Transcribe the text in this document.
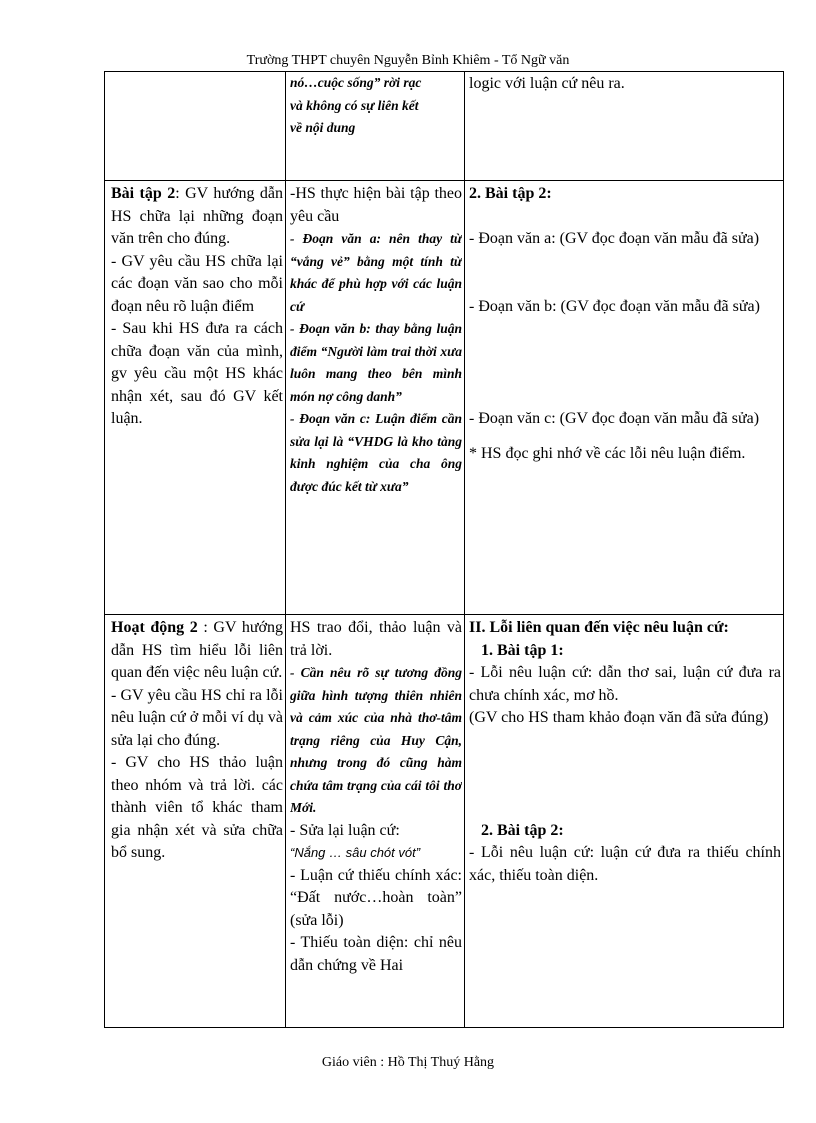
Trường THPT chuyên Nguyễn Bỉnh Khiêm - Tổ Ngữ văn

nó…cuộc sống” rời rạc

và không có sự liên kết

về nội dung

logic với luận cứ nêu ra.

Bài tập 2: GV hướng dẫn HS chữa lại những đoạn văn trên cho đúng.

- GV yêu cầu HS chữa lại các đoạn văn sao cho mỗi đoạn nêu rõ luận điểm

- Sau khi HS đưa ra cách chữa đoạn văn của mình, gv yêu cầu một HS khác nhận xét, sau đó GV kết luận.

-HS thực hiện bài tập theo yêu cầu

- Đoạn văn a: nên thay từ “vắng vẻ” bằng một tính từ khác để phù hợp với các luận cứ

- Đoạn văn b: thay bằng luận điểm “Người làm trai thời xưa luôn mang theo bên mình món nợ công danh”

- Đoạn văn c: Luận điểm cần sửa lại là “VHDG là kho tàng kinh nghiệm của cha ông được đúc kết từ xưa”

2. Bài tập 2:

- Đoạn văn a: (GV đọc đoạn văn mẫu đã sửa)

- Đoạn văn b: (GV đọc đoạn văn mẫu đã sửa)

- Đoạn văn c: (GV đọc đoạn văn mẫu đã sửa)

* HS đọc ghi nhớ về các lỗi nêu luận điểm.

Hoạt động 2 : GV hướng dẫn HS tìm hiểu lỗi liên quan đến việc nêu luận cứ.

- GV yêu cầu HS chỉ ra lỗi nêu luận cứ ở mỗi ví dụ và sửa lại cho đúng.

- GV cho HS thảo luận theo nhóm và trả lời. các thành viên tổ khác tham gia nhận xét và sửa chữa bổ sung.

HS trao đổi, thảo luận và trả lời.

- Cần nêu rõ sự tương đồng giữa hình tượng thiên nhiên và cảm xúc của nhà thơ-tâm trạng riêng của Huy Cận, nhưng trong đó cũng hàm chứa tâm trạng của cái tôi thơ Mới.

- Sửa lại luận cứ:

“Nắng … sâu chót vót”

- Luận cứ thiếu chính xác: “Đất nước…hoàn toàn” (sửa lỗi)

- Thiếu toàn diện: chỉ nêu dẫn chứng về Hai

II. Lỗi liên quan đến việc nêu luận cứ:

1. Bài tập 1:

- Lỗi nêu luận cứ: dẫn thơ sai, luận cứ đưa ra chưa chính xác, mơ hồ.

(GV cho HS tham khảo đoạn văn đã sửa đúng)

2. Bài tập 2:

- Lỗi nêu luận cứ: luận cứ đưa ra thiếu chính xác, thiếu toàn diện.

Giáo viên : Hồ Thị Thuý Hằng
